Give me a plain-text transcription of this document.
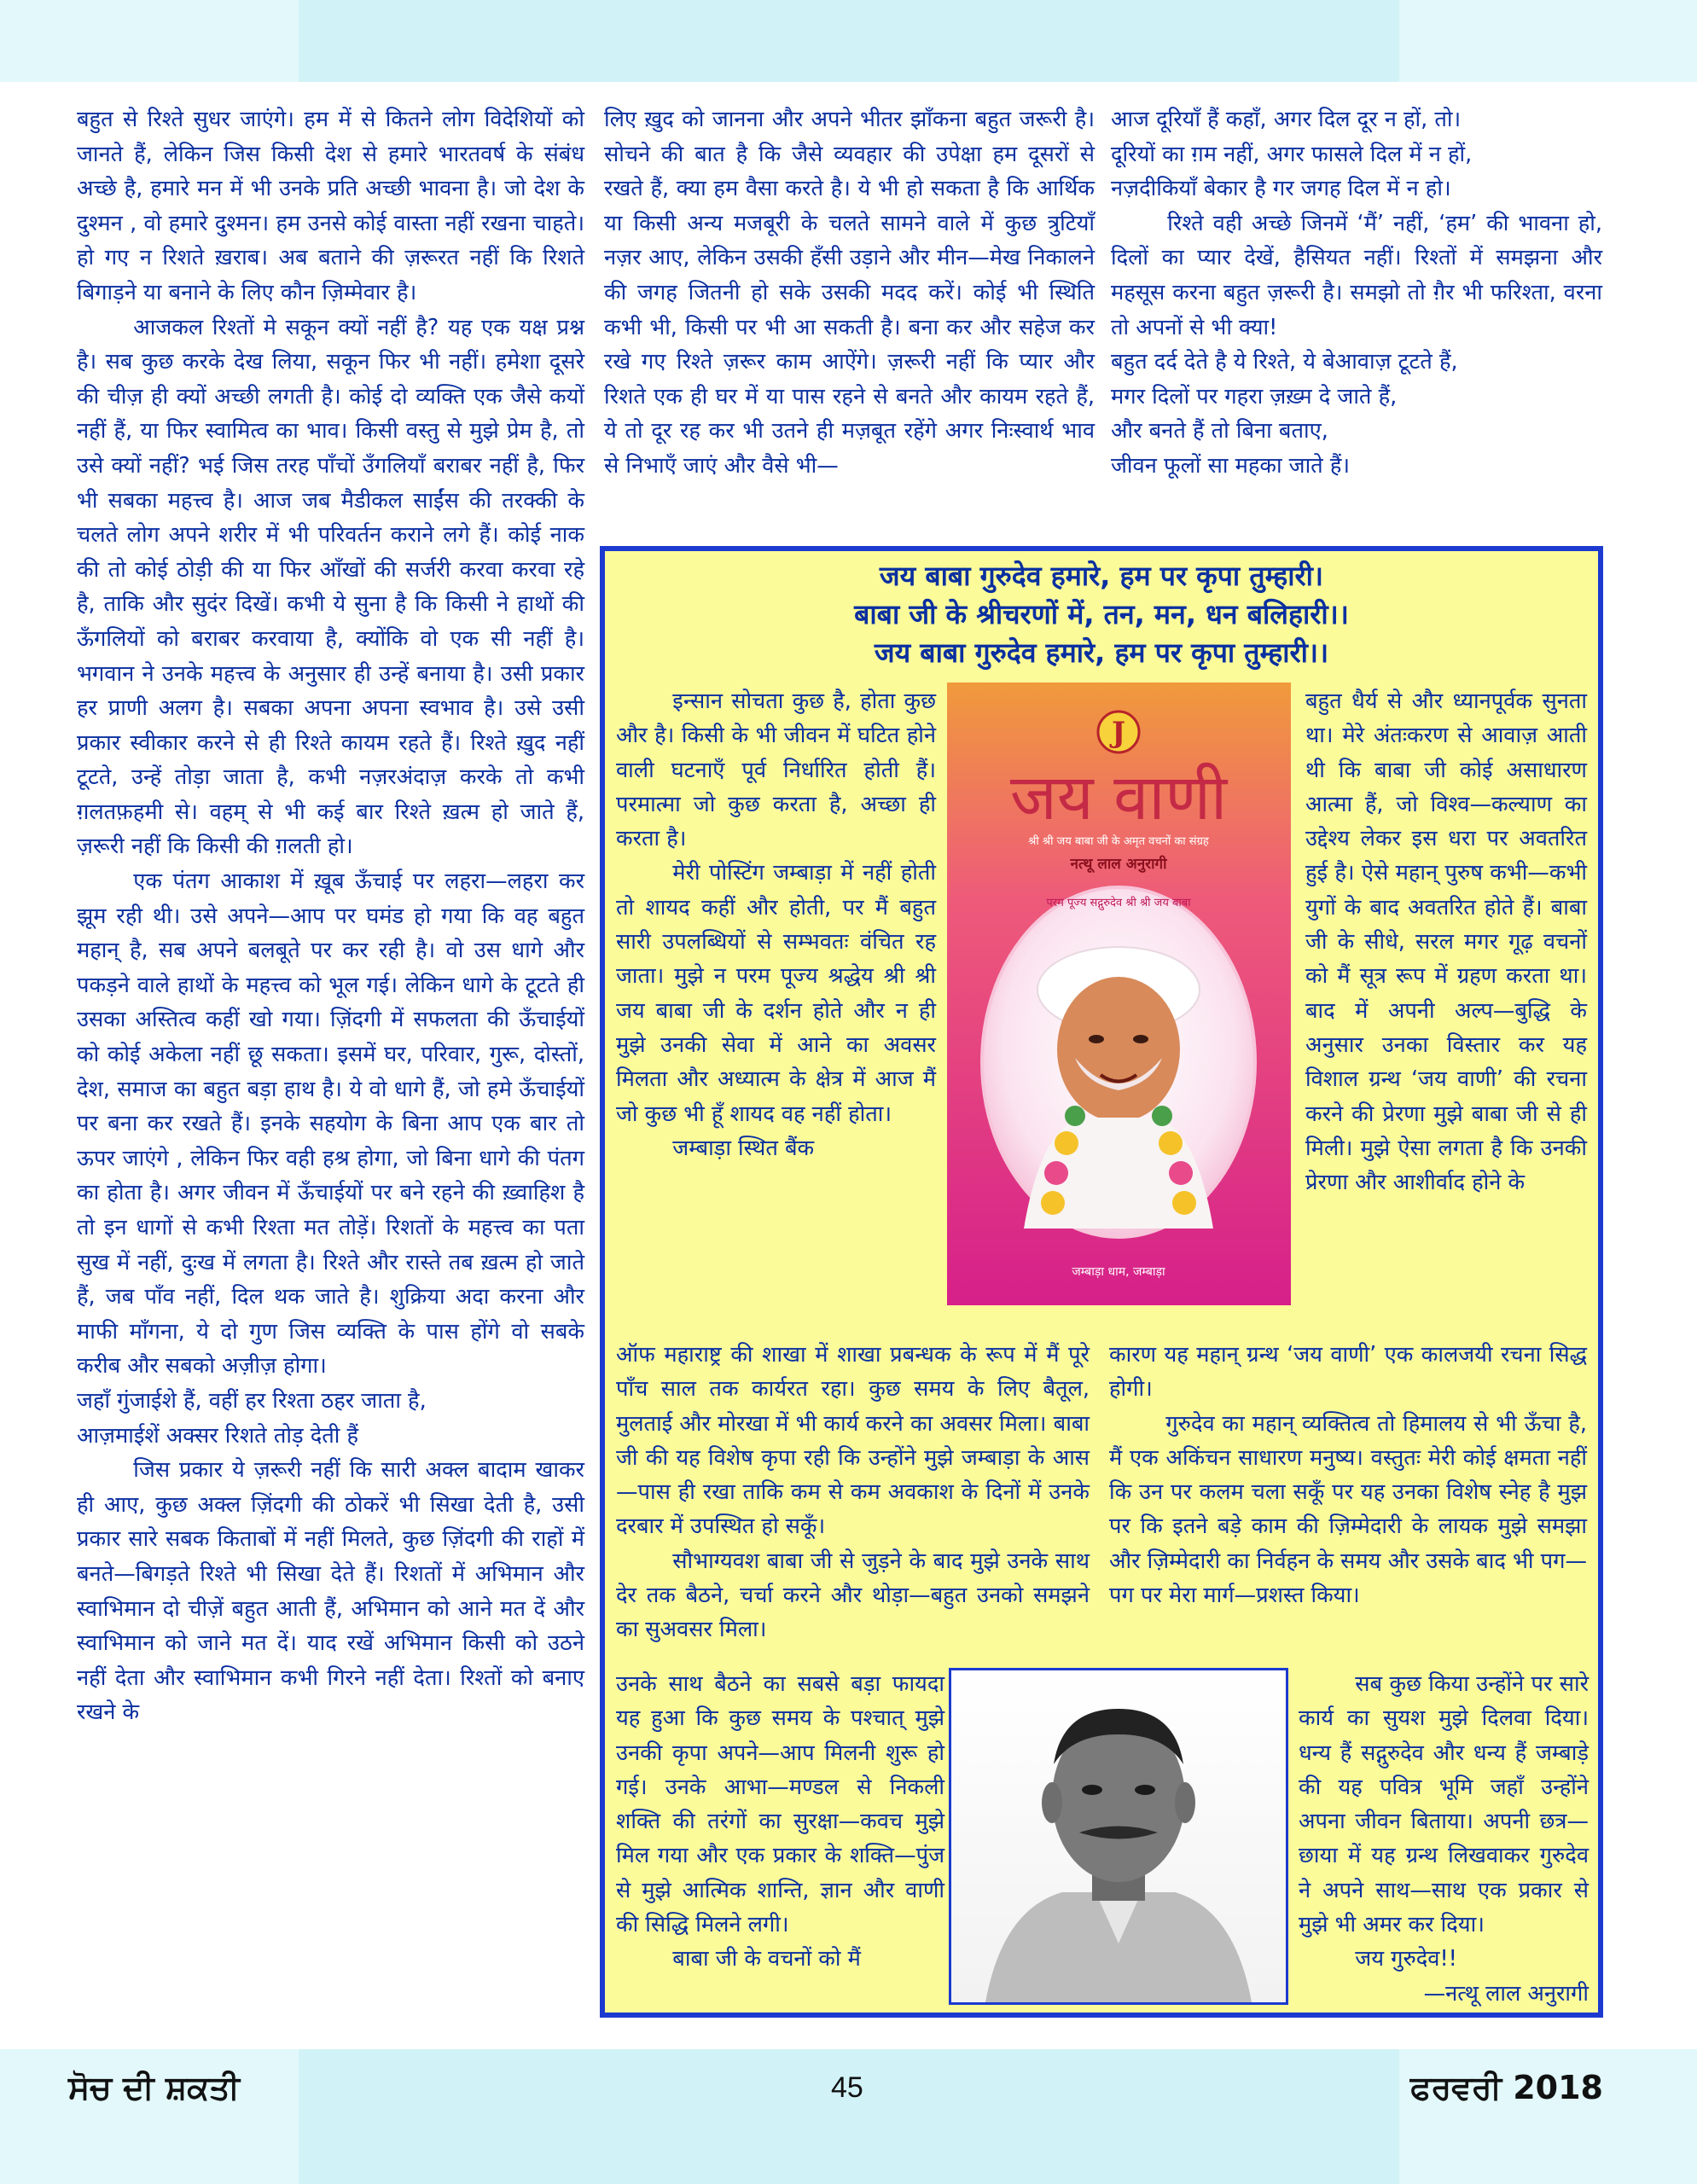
बहुत से रिश्ते सुधर जाएंगे। हम में से कितने लोग विदेशियों को जानते हैं, लेकिन जिस किसी देश से हमारे भारतवर्ष के संबंध अच्छे है, हमारे मन में भी उनके प्रति अच्छी भावना है। जो देश के दुश्मन , वो हमारे दुश्मन। हम उनसे कोई वास्ता नहीं रखना चाहते। हो गए न रिशते ख़राब। अब बताने की ज़रूरत नहीं कि रिशते बिगाड़ने या बनाने के लिए कौन ज़िम्मेवार है।

आजकल रिश्तों मे सकून क्यों नहीं है? यह एक यक्ष प्रश्न है। सब कुछ करके देख लिया, सकून फिर भी नहीं। हमेशा दूसरे की चीज़ ही क्यों अच्छी लगती है। कोई दो व्यक्ति एक जैसे कयों नहीं हैं, या फिर स्वामित्व का भाव। किसी वस्तु से मुझे प्रेम है, तो उसे क्यों नहीं? भई जिस तरह पाँचों उँगलियाँ बराबर नहीं है, फिर भी सबका महत्त्व है। आज जब मैडीकल साईंस की तरक्की के चलते लोग अपने शरीर में भी परिवर्तन कराने लगे हैं। कोई नाक की तो कोई ठोड़ी की या फिर आँखों की सर्जरी करवा करवा रहे है, ताकि और सुदंर दिखें। कभी ये सुना है कि किसी ने हाथों की ऊँगलियों को बराबर करवाया है, क्योंकि वो एक सी नहीं है। भगवान ने उनके महत्त्व के अनुसार ही उन्हें बनाया है। उसी प्रकार हर प्राणी अलग है। सबका अपना अपना स्वभाव है। उसे उसी प्रकार स्वीकार करने से ही रिश्ते कायम रहते हैं। रिश्ते ख़ुद नहीं टूटते, उन्हें तोड़ा जाता है, कभी नज़रअंदाज़ करके तो कभी ग़लतफ़हमी से। वहम् से भी कई बार रिश्ते ख़त्म हो जाते हैं, ज़रूरी नहीं कि किसी की ग़लती हो।

एक पंतग आकाश में ख़ूब ऊँचाई पर लहरा—लहरा कर झूम रही थी। उसे अपने—आप पर घमंड हो गया कि वह बहुत महान् है, सब अपने बलबूते पर कर रही है। वो उस धागे और पकड़ने वाले हाथों के महत्त्व को भूल गई। लेकिन धागे के टूटते ही उसका अस्तित्व कहीं खो गया। ज़िंदगी में सफलता की ऊँचाईयों को कोई अकेला नहीं छू सकता। इसमें घर, परिवार, गुरू, दोस्तों, देश, समाज का बहुत बड़ा हाथ है। ये वो धागे हैं, जो हमे ऊँचाईयों पर बना कर रखते हैं। इनके सहयोग के बिना आप एक बार तो ऊपर जाएंगे , लेकिन फिर वही हश्र होगा, जो बिना धागे की पंतग का होता है। अगर जीवन में ऊँचाईयों पर बने रहने की ख़्वाहिश है तो इन धागों से कभी रिश्ता मत तोड़ें। रिशतों के महत्त्व का पता सुख में नहीं, दुःख में लगता है। रिश्ते और रास्ते तब ख़त्म हो जाते हैं, जब पाँव नहीं, दिल थक जाते है। शुक्रिया अदा करना और माफी माँगना, ये दो गुण जिस व्यक्ति के पास होंगे वो सबके करीब और सबको अज़ीज़ होगा।

जहाँ गुंजाईशे हैं, वहीं हर रिश्ता ठहर जाता है,

आज़माईशें अक्सर रिशते तोड़ देती हैं

जिस प्रकार ये ज़रूरी नहीं कि सारी अक्ल बादाम खाकर ही आए, कुछ अक्ल ज़िंदगी की ठोकरें भी सिखा देती है, उसी प्रकार सारे सबक किताबों में नहीं मिलते, कुछ ज़िंदगी की राहों में बनते—बिगड़ते रिश्ते भी सिखा देते हैं। रिशतों में अभिमान और स्वाभिमान दो चीज़ें बहुत आती हैं, अभिमान को आने मत दें और स्वाभिमान को जाने मत दें। याद रखें अभिमान किसी को उठने नहीं देता और स्वाभिमान कभी गिरने नहीं देता। रिश्तों को बनाए रखने के

लिए ख़ुद को जानना और अपने भीतर झाँकना बहुत जरूरी है। सोचने की बात है कि जैसे व्यवहार की उपेक्षा हम दूसरों से रखते हैं, क्या हम वैसा करते है। ये भी हो सकता है कि आर्थिक या किसी अन्य मजबूरी के चलते सामने वाले में कुछ त्रुटियाँ नज़र आए, लेकिन उसकी हँसी उड़ाने और मीन—मेख निकालने की जगह जितनी हो सके उसकी मदद करें। कोई भी स्थिति कभी भी, किसी पर भी आ सकती है। बना कर और सहेज कर रखे गए रिश्ते ज़रूर काम आऐंगे। ज़रूरी नहीं कि प्यार और रिशते एक ही घर में या पास रहने से बनते और कायम रहते हैं, ये तो दूर रह कर भी उतने ही मज़बूत रहेंगे अगर निःस्वार्थ भाव से निभाएँ जाएं और वैसे भी—

आज दूरियाँ हैं कहाँ, अगर दिल दूर न हों, तो।

दूरियों का ग़म नहीं, अगर फासले दिल में न हों,

नज़दीकियाँ बेकार है गर जगह दिल में न हो।

रिश्ते वही अच्छे जिनमें ‘मैं’ नहीं, ‘हम’ की भावना हो, दिलों का प्यार देखें, हैसियत नहीं। रिश्तों में समझना और महसूस करना बहुत ज़रूरी है। समझो तो ग़ैर भी फरिश्ता, वरना तो अपनों से भी क्या!

बहुत दर्द देते है ये रिश्ते, ये बेआवाज़ टूटते हैं,

मगर दिलों पर गहरा ज़ख़्म दे जाते हैं,

और बनते हैं तो बिना बताए,

जीवन फूलों सा महका जाते हैं।

जय बाबा गुरुदेव हमारे, हम पर कृपा तुम्हारी।
बाबा जी के श्रीचरणों में, तन, मन, धन बलिहारी।।
जय बाबा गुरुदेव हमारे, हम पर कृपा तुम्हारी।।

इन्सान सोचता कुछ है, होता कुछ और है। किसी के भी जीवन में घटित होने वाली घटनाएँ पूर्व निर्धारित होती हैं। परमात्मा जो कुछ करता है, अच्छा ही करता है।

मेरी पोस्टिंग जम्बाड़ा में नहीं होती तो शायद कहीं और होती, पर मैं बहुत सारी उपलब्धियों से सम्भवतः वंचित रह जाता। मुझे न परम पूज्य श्रद्धेय श्री श्री जय बाबा जी के दर्शन होते और न ही मुझे उनकी सेवा में आने का अवसर मिलता और अध्यात्म के क्षेत्र में आज मैं जो कुछ भी हूँ शायद वह नहीं होता।

जम्बाड़ा स्थित बैंक

J
जय वाणी
श्री श्री जय बाबा जी के अमृत वचनों का संग्रह
नत्थू लाल अनुरागी
परम पूज्य सद्गुरुदेव श्री श्री जय बाबा
जम्बाड़ा धाम, जम्बाड़ा

बहुत धैर्य से और ध्यानपूर्वक सुनता था। मेरे अंतःकरण से आवाज़ आती थी कि बाबा जी कोई असाधारण आत्मा हैं, जो विश्व—कल्याण का उद्देश्य लेकर इस धरा पर अवतरित हुई है। ऐसे महान् पुरुष कभी—कभी युगों के बाद अवतरित होते हैं। बाबा जी के सीधे, सरल मगर गूढ़ वचनों को मैं सूत्र रूप में ग्रहण करता था। बाद में अपनी अल्प—बुद्धि के अनुसार उनका विस्तार कर यह विशाल ग्रन्थ ‘जय वाणी’ की रचना करने की प्रेरणा मुझे बाबा जी से ही मिली। मुझे ऐसा लगता है कि उनकी प्रेरणा और आशीर्वाद होने के

ऑफ महाराष्ट्र की शाखा में शाखा प्रबन्धक के रूप में मैं पूरे पाँच साल तक कार्यरत रहा। कुछ समय के लिए बैतूल, मुलताई और मोरखा में भी कार्य करने का अवसर मिला। बाबा जी की यह विशेष कृपा रही कि उन्होंने मुझे जम्बाड़ा के आस—पास ही रखा ताकि कम से कम अवकाश के दिनों में उनके दरबार में उपस्थित हो सकूँ।

सौभाग्यवश बाबा जी से जुड़ने के बाद मुझे उनके साथ देर तक बैठने, चर्चा करने और थोड़ा—बहुत उनको समझने का सुअवसर मिला।

कारण यह महान् ग्रन्थ ‘जय वाणी’ एक कालजयी रचना सिद्ध होगी।

गुरुदेव का महान् व्यक्तित्व तो हिमालय से भी ऊँचा है, मैं एक अकिंचन साधारण मनुष्य। वस्तुतः मेरी कोई क्षमता नहीं कि उन पर कलम चला सकूँ पर यह उनका विशेष स्नेह है मुझ पर कि इतने बड़े काम की ज़िम्मेदारी के लायक मुझे समझा और ज़िम्मेदारी का निर्वहन के समय और उसके बाद भी पग—पग पर मेरा मार्ग—प्रशस्त किया।

उनके साथ बैठने का सबसे बड़ा फायदा यह हुआ कि कुछ समय के पश्चात् मुझे उनकी कृपा अपने—आप मिलनी शुरू हो गई। उनके आभा—मण्डल से निकली शक्ति की तरंगों का सुरक्षा—कवच मुझे मिल गया और एक प्रकार के शक्ति—पुंज से मुझे आत्मिक शान्ति, ज्ञान और वाणी की सिद्धि मिलने लगी।

बाबा जी के वचनों को मैं

सब कुछ किया उन्होंने पर सारे कार्य का सुयश मुझे दिलवा दिया। धन्य हैं सद्गुरुदेव और धन्य हैं जम्बाड़े की यह पवित्र भूमि जहाँ उन्होंने अपना जीवन बिताया। अपनी छत्र—छाया में यह ग्रन्थ लिखवाकर गुरुदेव ने अपने साथ—साथ एक प्रकार से मुझे भी अमर कर दिया।

जय गुरुदेव!!

—नत्थू लाल अनुरागी

ਸੋਚ ਦੀ ਸ਼ਕਤੀ	45	ਫਰਵਰੀ 2018
